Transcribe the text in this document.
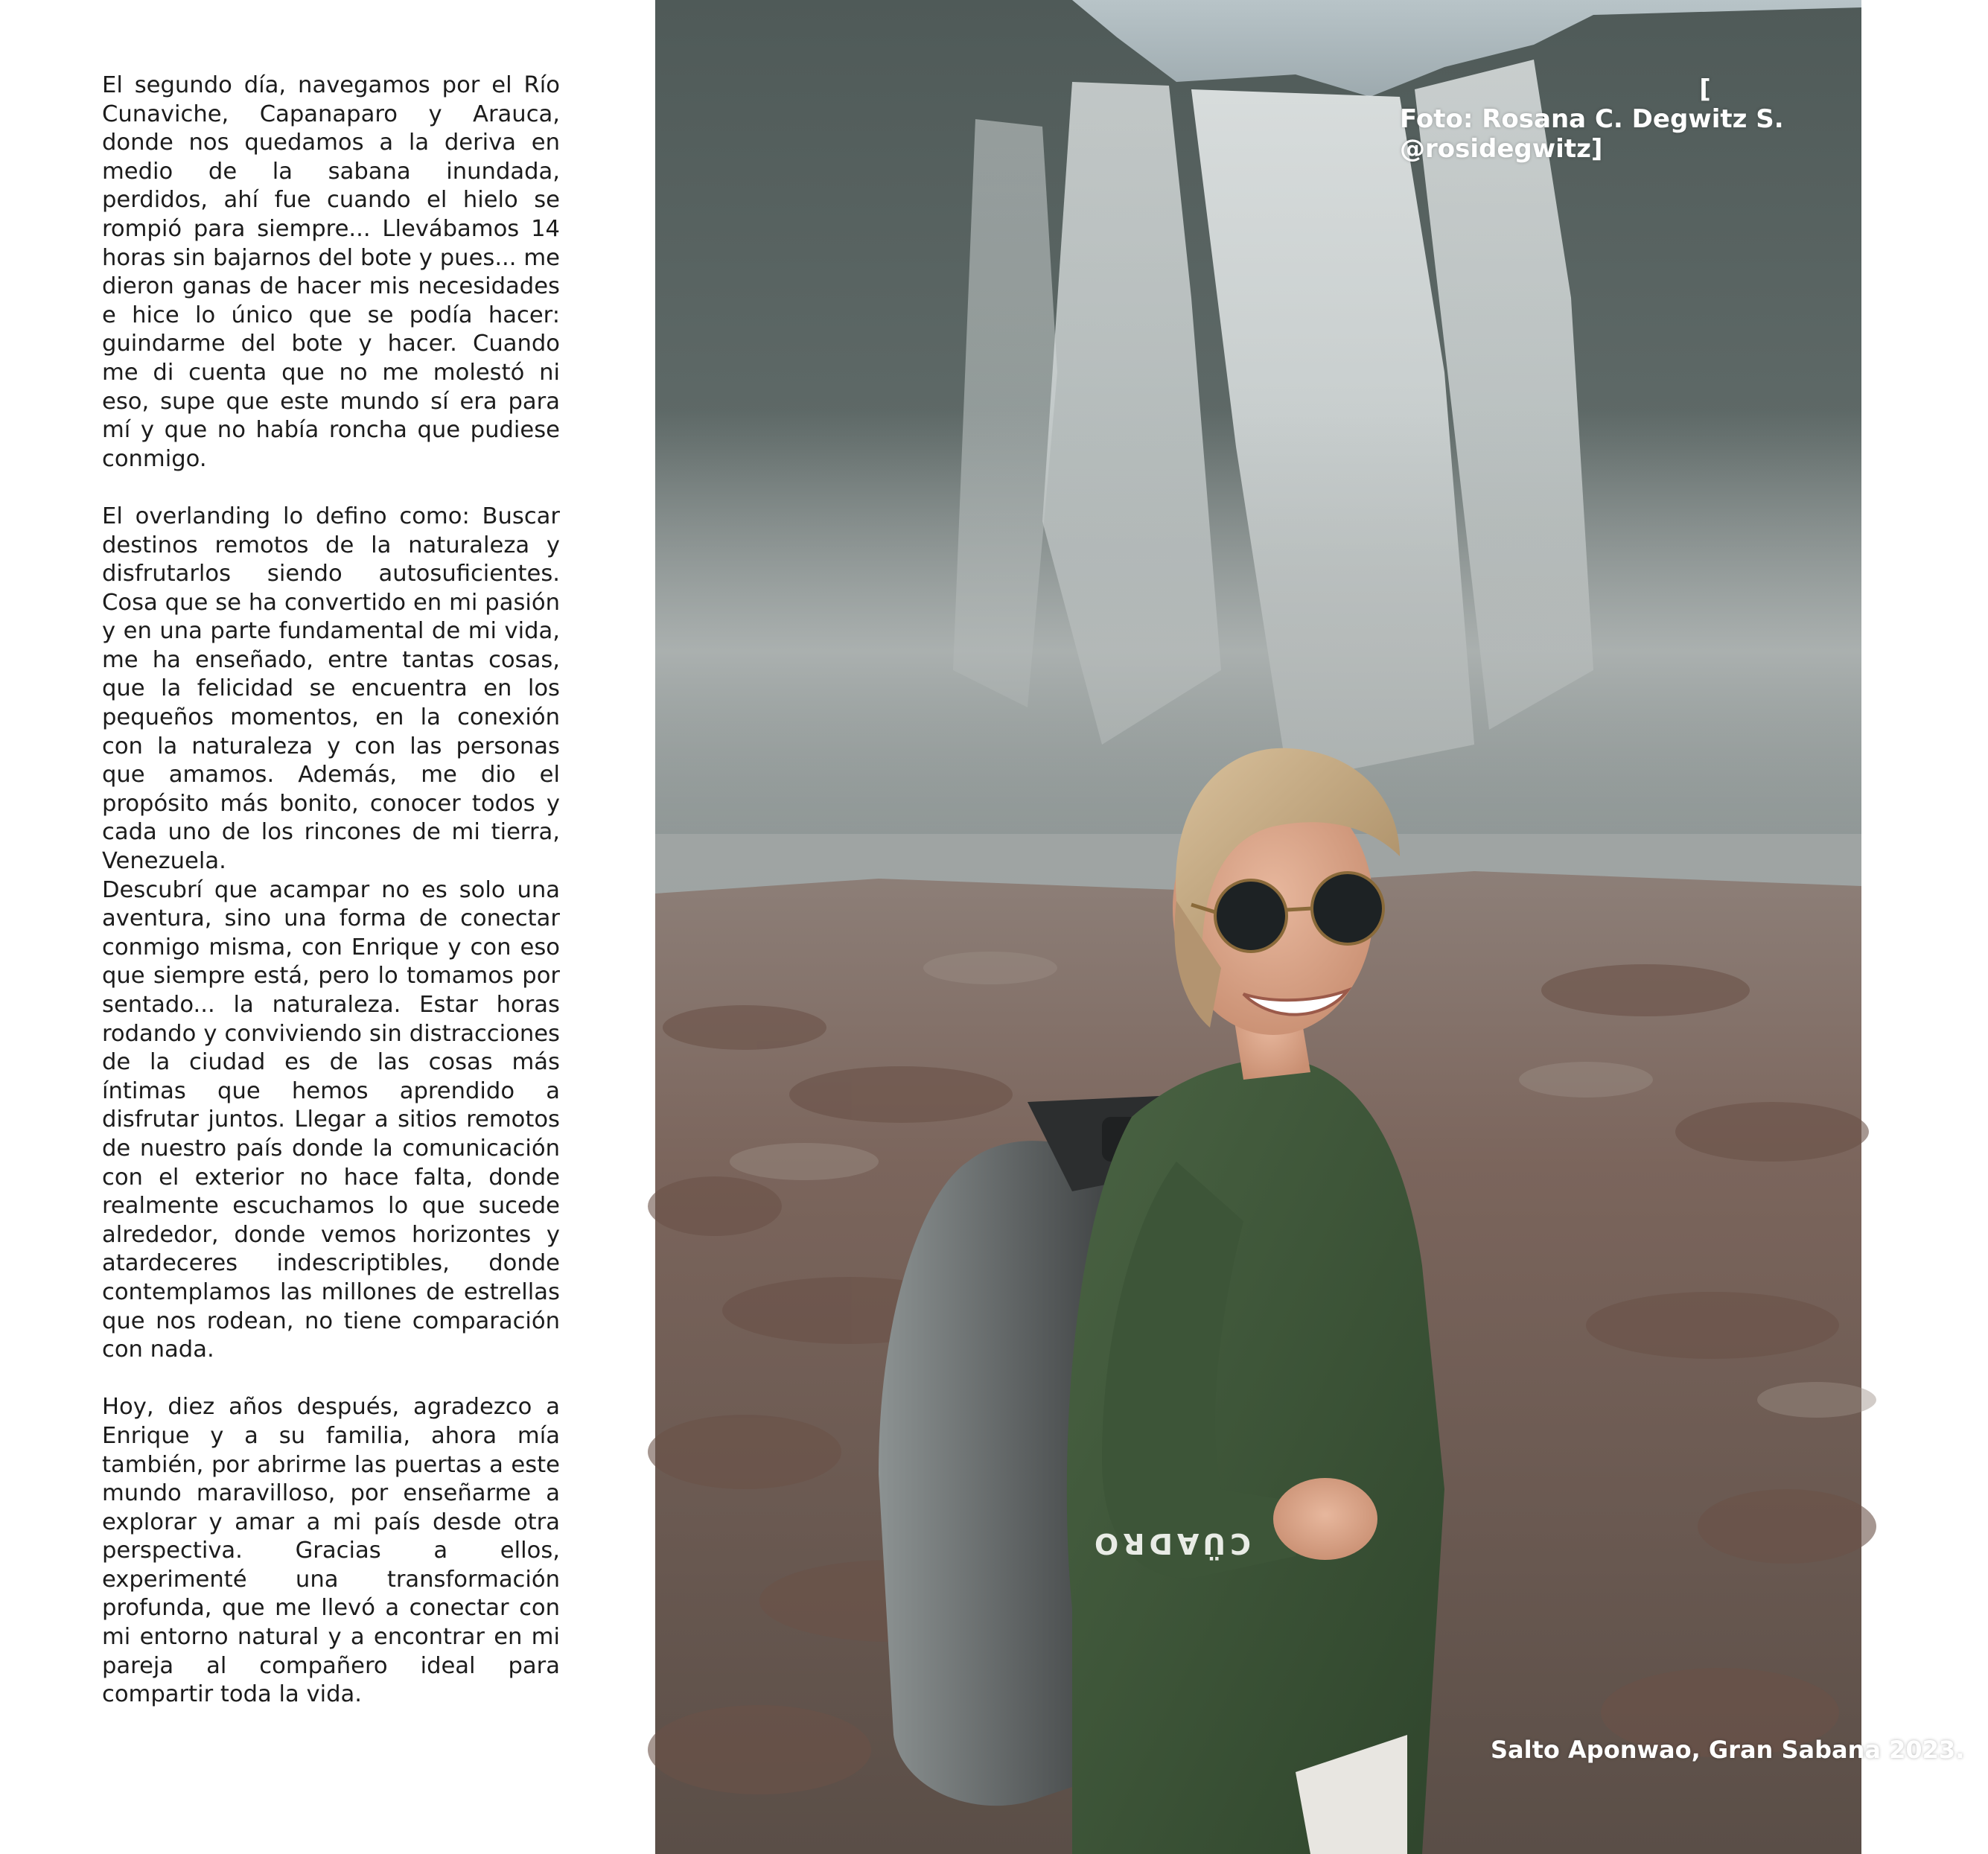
El segundo día, navegamos por el Río Cunaviche, Capanaparo y Arauca, donde nos quedamos a la deriva en medio de la sabana inundada, perdidos, ahí fue cuando el hielo se rompió para siempre... Llevábamos 14 horas sin bajarnos del bote y pues... me dieron ganas de hacer mis necesidades e hice lo único que se podía hacer: guindarme del bote y hacer. Cuando me di cuenta que no me molestó ni eso, supe que este mundo sí era para mí y que no había roncha que pudiese conmigo.

El overlanding lo defino como: Buscar destinos remotos de la naturaleza y disfrutarlos siendo autosuficientes. Cosa que se ha convertido en mi pasión y en una parte fundamental de mi vida, me ha enseñado, entre tantas cosas, que la felicidad se encuentra en los pequeños momentos, en la conexión con la naturaleza y con las personas que amamos. Además, me dio el propósito más bonito, conocer todos y cada uno de los rincones de mi tierra, Venezuela.

Descubrí que acampar no es solo una aventura, sino una forma de conectar conmigo misma, con Enrique y con eso que siempre está, pero lo tomamos por sentado... la naturaleza. Estar horas rodando y conviviendo sin distracciones de la ciudad es de las cosas más íntimas que hemos aprendido a disfrutar juntos. Llegar a sitios remotos de nuestro país donde la comunicación con el exterior no hace falta, donde realmente escuchamos lo que sucede alrededor, donde vemos horizontes y atardeceres indescriptibles, donde contemplamos las millones de estrellas que nos rodean, no tiene comparación con nada.

Hoy, diez años después, agradezco a Enrique y a su familia, ahora mía también, por abrirme las puertas a este mundo maravilloso, por enseñarme a explorar y amar a mi país desde otra perspectiva. Gracias a ellos, experimenté una transformación profunda, que me llevó a conectar con mi entorno natural y a encontrar en mi pareja al compañero ideal para compartir toda la vida.

CÜADRO
[
Foto: Rosana C. Degwitz S. @rosidegwitz]
Salto Aponwao, Gran Sabana 2023.
